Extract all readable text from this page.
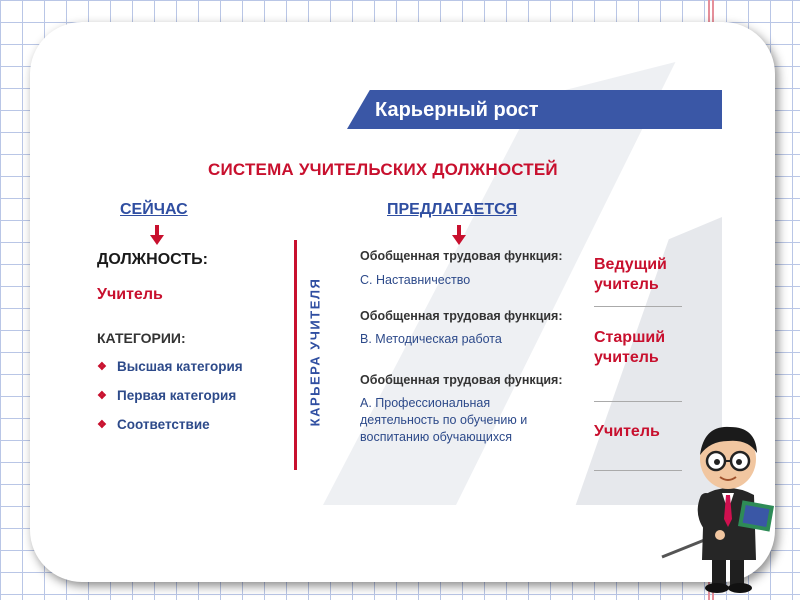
Карьерный рост
СИСТЕМА УЧИТЕЛЬСКИХ ДОЛЖНОСТЕЙ
СЕЙЧАС
ДОЛЖНОСТЬ:
Учитель
КАТЕГОРИИ:
❖ Высшая категория
❖ Первая категория
❖ Соответствие	КАРЬЕРА УЧИТЕЛЯ
ПРЕДЛАГАЕТСЯ
Обобщенная трудовая функция:
С. Наставничество
Обобщенная трудовая функция:
В. Методическая работа
Обобщенная трудовая функция:
А. Профессиональная деятельность по обучению и воспитанию обучающихся
Ведущий учитель
Старший учитель
Учитель
